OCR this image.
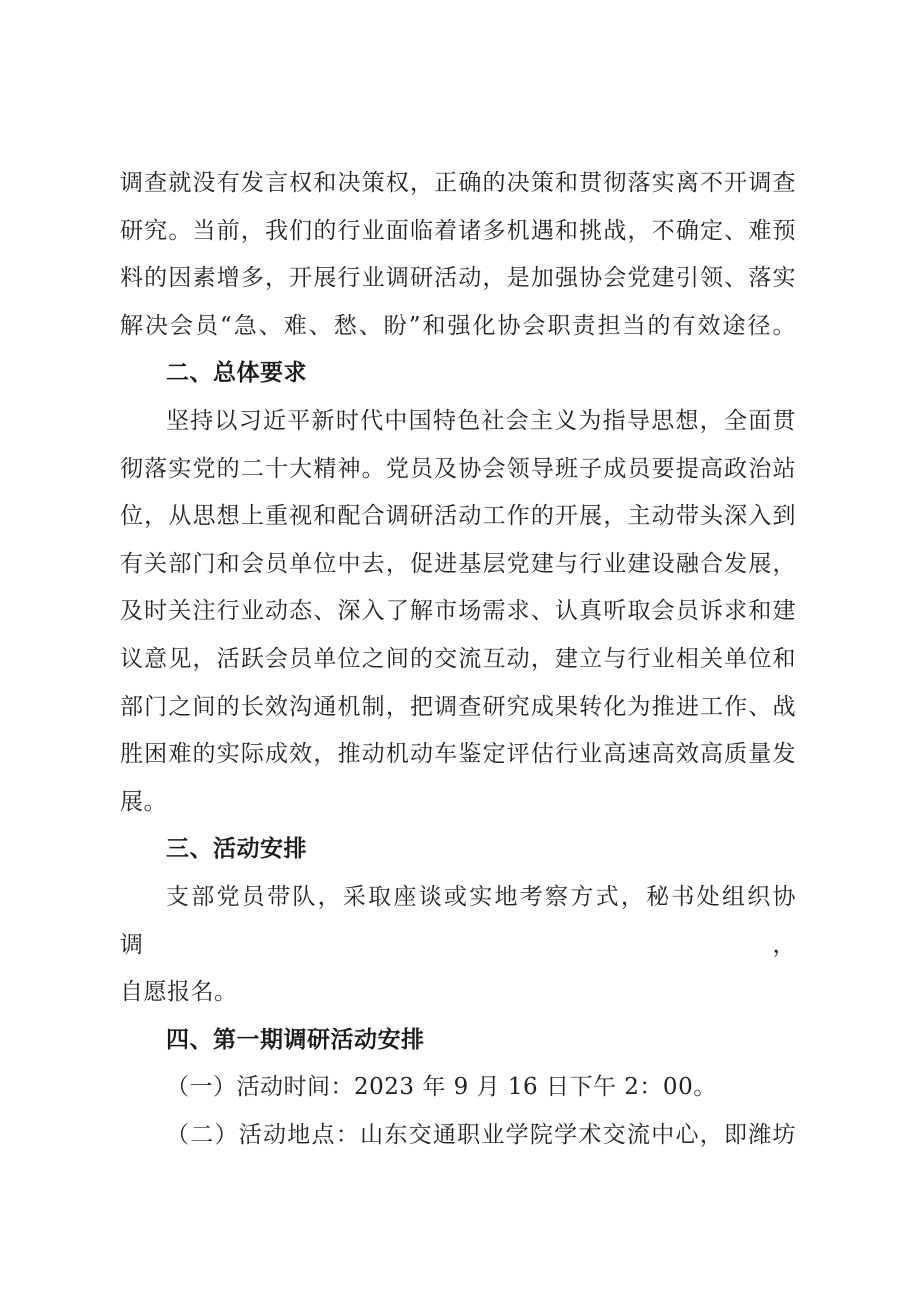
调查就没有发言权和决策权，正确的决策和贯彻落实离不开调查
研究。当前，我们的行业面临着诸多机遇和挑战，不确定、难预
料的因素增多，开展行业调研活动，是加强协会党建引领、落实
解决会员“急、难、愁、盼”和强化协会职责担当的有效途径。
二、总体要求
坚持以习近平新时代中国特色社会主义为指导思想，全面贯
彻落实党的二十大精神。党员及协会领导班子成员要提高政治站
位，从思想上重视和配合调研活动工作的开展，主动带头深入到
有关部门和会员单位中去，促进基层党建与行业建设融合发展，
及时关注行业动态、深入了解市场需求、认真听取会员诉求和建
议意见，活跃会员单位之间的交流互动，建立与行业相关单位和
部门之间的长效沟通机制，把调查研究成果转化为推进工作、战
胜困难的实际成效，推动机动车鉴定评估行业高速高效高质量发
展。
三、活动安排
支部党员带队，采取座谈或实地考察方式，秘书处组织协调，
自愿报名。
四、第一期调研活动安排
（一）活动时间：2023 年 9 月 16 日下午 2：00。
（二）活动地点：山东交通职业学院学术交流中心，即潍坊
